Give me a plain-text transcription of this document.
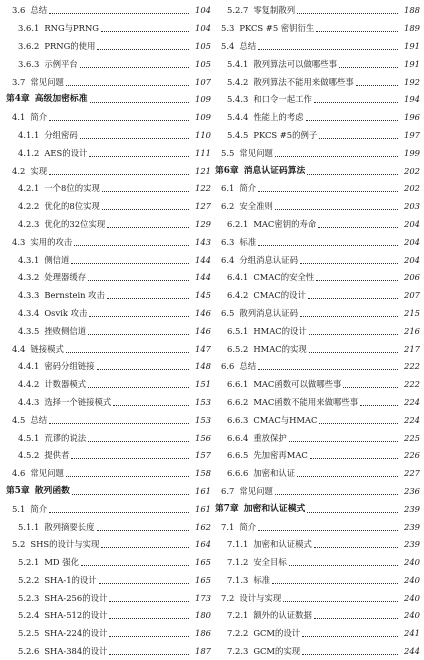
3.6 总结	104
3.6.1 RNG与PRNG	104
3.6.2 PRNG的使用	105
3.6.3 示例平台	105
3.7 常见问题	107
第4章 高级加密标准	109
4.1 简介	109
4.1.1 分组密码	110
4.1.2 AES的设计	111
4.2 实现	121
4.2.1 一个8位的实现	122
4.2.2 优化的8位实现	127
4.2.3 优化的32位实现	129
4.3 实用的攻击	143
4.3.1 侧信道	144
4.3.2 处理器缓存	144
4.3.3 Bernstein 攻击	145
4.3.4 Osvik 攻击	146
4.3.5 挫败侧信道	146
4.4 链接模式	147
4.4.1 密码分组链接	148
4.4.2 计数器模式	151
4.4.3 选择一个链接模式	153
4.5 总结	153
4.5.1 荒谬的说法	156
4.5.2 提供者	157
4.6 常见问题	158
第5章 散列函数	161
5.1 简介	161
5.1.1 散列摘要长度	162
5.2 SHS的设计与实现	164
5.2.1 MD 强化	165
5.2.2 SHA-1的设计	165
5.2.3 SHA-256的设计	173
5.2.4 SHA-512的设计	180
5.2.5 SHA-224的设计	186
5.2.6 SHA-384的设计	187
5.2.7 零复制散列	188
5.3 PKCS #5 密钥衍生	189
5.4 总结	191
5.4.1 散列算法可以做哪些事	191
5.4.2 散列算法不能用来做哪些事	192
5.4.3 和口令一起工作	194
5.4.4 性能上的考虑	196
5.4.5 PKCS #5的例子	197
5.5 常见问题	199
第6章 消息认证码算法	202
6.1 简介	202
6.2 安全准则	203
6.2.1 MAC密钥的寿命	204
6.3 标准	204
6.4 分组消息认证码	204
6.4.1 CMAC的安全性	206
6.4.2 CMAC的设计	207
6.5 散列消息认证码	215
6.5.1 HMAC的设计	216
6.5.2 HMAC的实现	217
6.6 总结	222
6.6.1 MAC函数可以做哪些事	222
6.6.2 MAC函数不能用来做哪些事	224
6.6.3 CMAC与HMAC	224
6.6.4 重放保护	225
6.6.5 先加密再MAC	226
6.6.6 加密和认证	227
6.7 常见问题	236
第7章 加密和认证模式	239
7.1 简介	239
7.1.1 加密和认证模式	239
7.1.2 安全目标	240
7.1.3 标准	240
7.2 设计与实现	240
7.2.1 额外的认证数据	240
7.2.2 GCM的设计	241
7.2.3 GCM的实现	244
